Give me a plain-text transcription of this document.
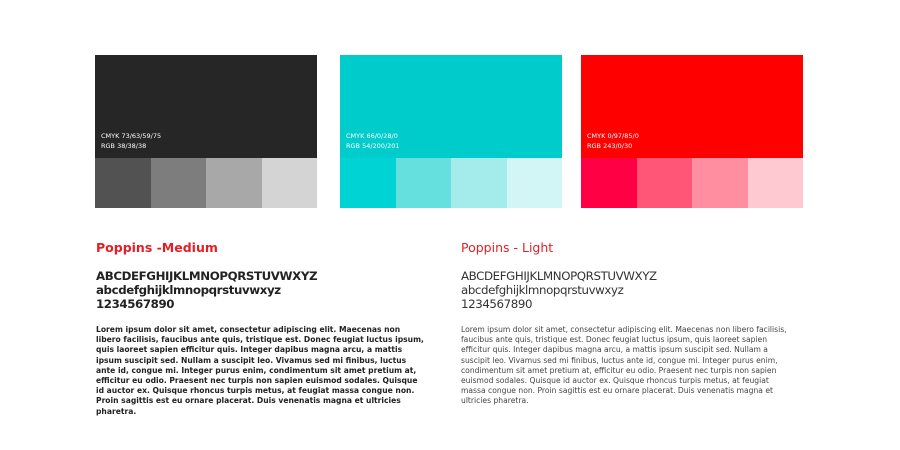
CMYK 73/63/59/75
RGB 38/38/38
CMYK 66/0/28/0
RGB 54/200/201
CMYK 0/97/85/0
RGB 243/0/30
Poppins -Medium
ABCDEFGHIJKLMNOPQRSTUVWXYZ
abcdefghijklmnopqrstuvwxyz
1234567890
Lorem ipsum dolor sit amet, consectetur adipiscing elit. Maecenas non libero facilisis, faucibus ante quis, tristique est. Donec feugiat luctus ipsum, quis laoreet sapien efficitur quis. Integer dapibus magna arcu, a mattis ipsum suscipit sed. Nullam a suscipit leo. Vivamus sed mi finibus, luctus ante id, congue mi. Integer purus enim, condimentum sit amet pretium at, efficitur eu odio. Praesent nec turpis non sapien euismod sodales. Quisque id auctor ex. Quisque rhoncus turpis metus, at feugiat massa congue non. Proin sagittis est eu ornare placerat. Duis venenatis magna et ultricies pharetra.
Poppins - Light
ABCDEFGHIJKLMNOPQRSTUVWXYZ
abcdefghijklmnopqrstuvwxyz
1234567890
Lorem ipsum dolor sit amet, consectetur adipiscing elit. Maecenas non libero facilisis, faucibus ante quis, tristique est. Donec feugiat luctus ipsum, quis laoreet sapien efficitur quis. Integer dapibus magna arcu, a mattis ipsum suscipit sed. Nullam a suscipit leo. Vivamus sed mi finibus, luctus ante id, congue mi. Integer purus enim, condimentum sit amet pretium at, efficitur eu odio. Praesent nec turpis non sapien euismod sodales. Quisque id auctor ex. Quisque rhoncus turpis metus, at feugiat massa congue non. Proin sagittis est eu ornare placerat. Duis venenatis magna et ultricies pharetra.
